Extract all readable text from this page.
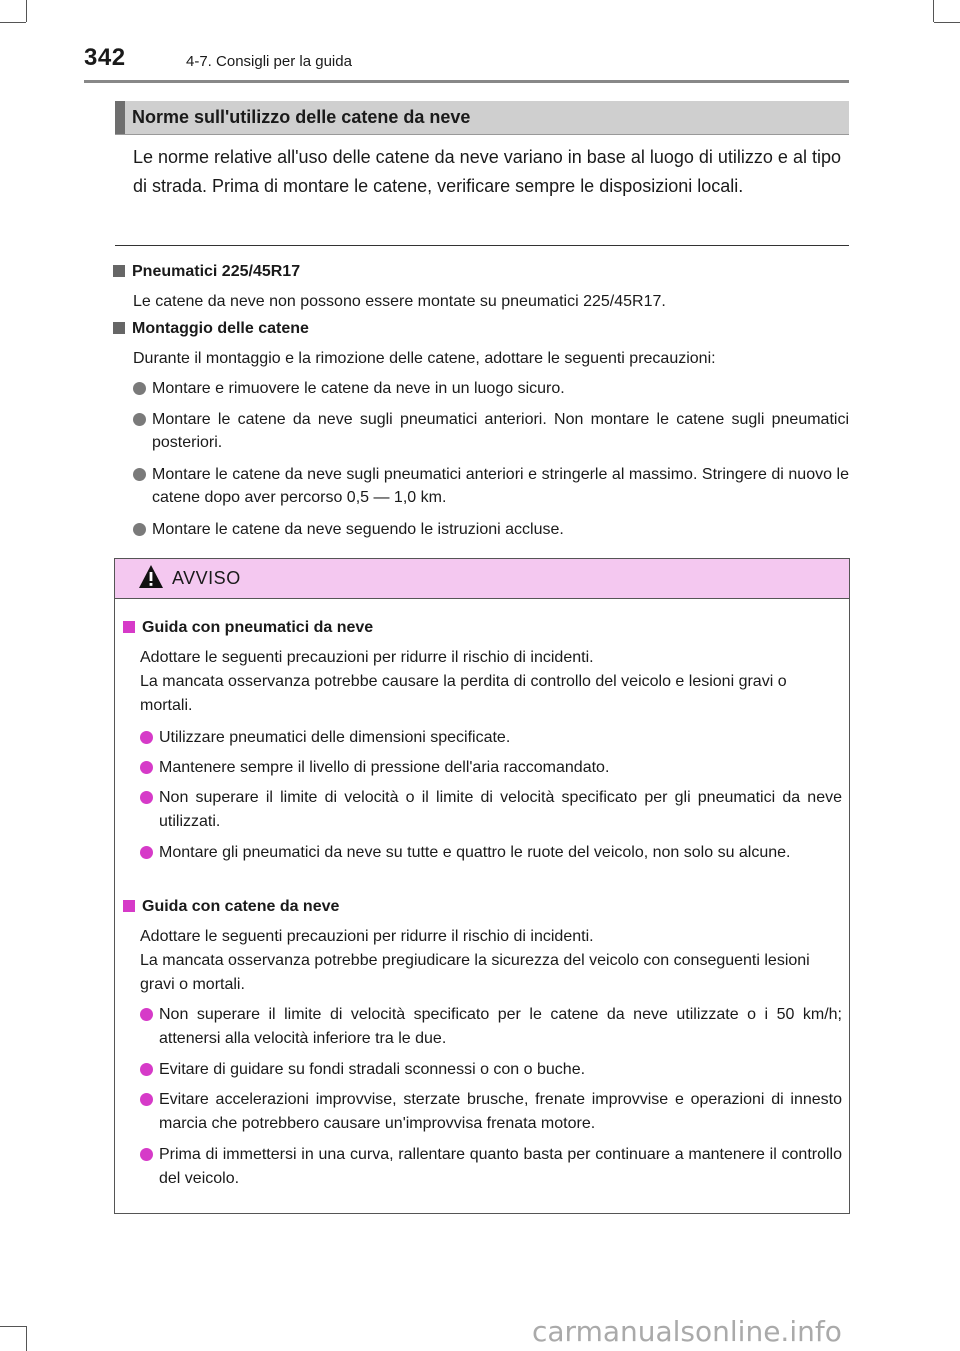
342	4-7. Consigli per la guida
Norme sull'utilizzo delle catene da neve
Le norme relative all'uso delle catene da neve variano in base al luogo di utilizzo e al tipo di strada. Prima di montare le catene, verificare sempre le disposizioni locali.
Pneumatici 225/45R17
Le catene da neve non possono essere montate su pneumatici 225/45R17.
Montaggio delle catene
Durante il montaggio e la rimozione delle catene, adottare le seguenti precauzioni:
Montare e rimuovere le catene da neve in un luogo sicuro.
Montare le catene da neve sugli pneumatici anteriori. Non montare le catene sugli pneumatici posteriori.
Montare le catene da neve sugli pneumatici anteriori e stringerle al massimo. Stringere di nuovo le catene dopo aver percorso 0,5 — 1,0 km.
Montare le catene da neve seguendo le istruzioni accluse.
AVVISO
Guida con pneumatici da neve
Adottare le seguenti precauzioni per ridurre il rischio di incidenti.
La mancata osservanza potrebbe causare la perdita di controllo del veicolo e lesioni gravi o mortali.
Utilizzare pneumatici delle dimensioni specificate.
Mantenere sempre il livello di pressione dell'aria raccomandato.
Non superare il limite di velocità o il limite di velocità specificato per gli pneumatici da neve utilizzati.
Montare gli pneumatici da neve su tutte e quattro le ruote del veicolo, non solo su alcune.
Guida con catene da neve
Adottare le seguenti precauzioni per ridurre il rischio di incidenti.
La mancata osservanza potrebbe pregiudicare la sicurezza del veicolo con conseguenti lesioni gravi o mortali.
Non superare il limite di velocità specificato per le catene da neve utilizzate o i 50 km/h; attenersi alla velocità inferiore tra le due.
Evitare di guidare su fondi stradali sconnessi o con o buche.
Evitare accelerazioni improvvise, sterzate brusche, frenate improvvise e operazioni di innesto marcia che potrebbero causare un'improvvisa frenata motore.
Prima di immettersi in una curva, rallentare quanto basta per continuare a mantenere il controllo del veicolo.
carmanualsonline.info
